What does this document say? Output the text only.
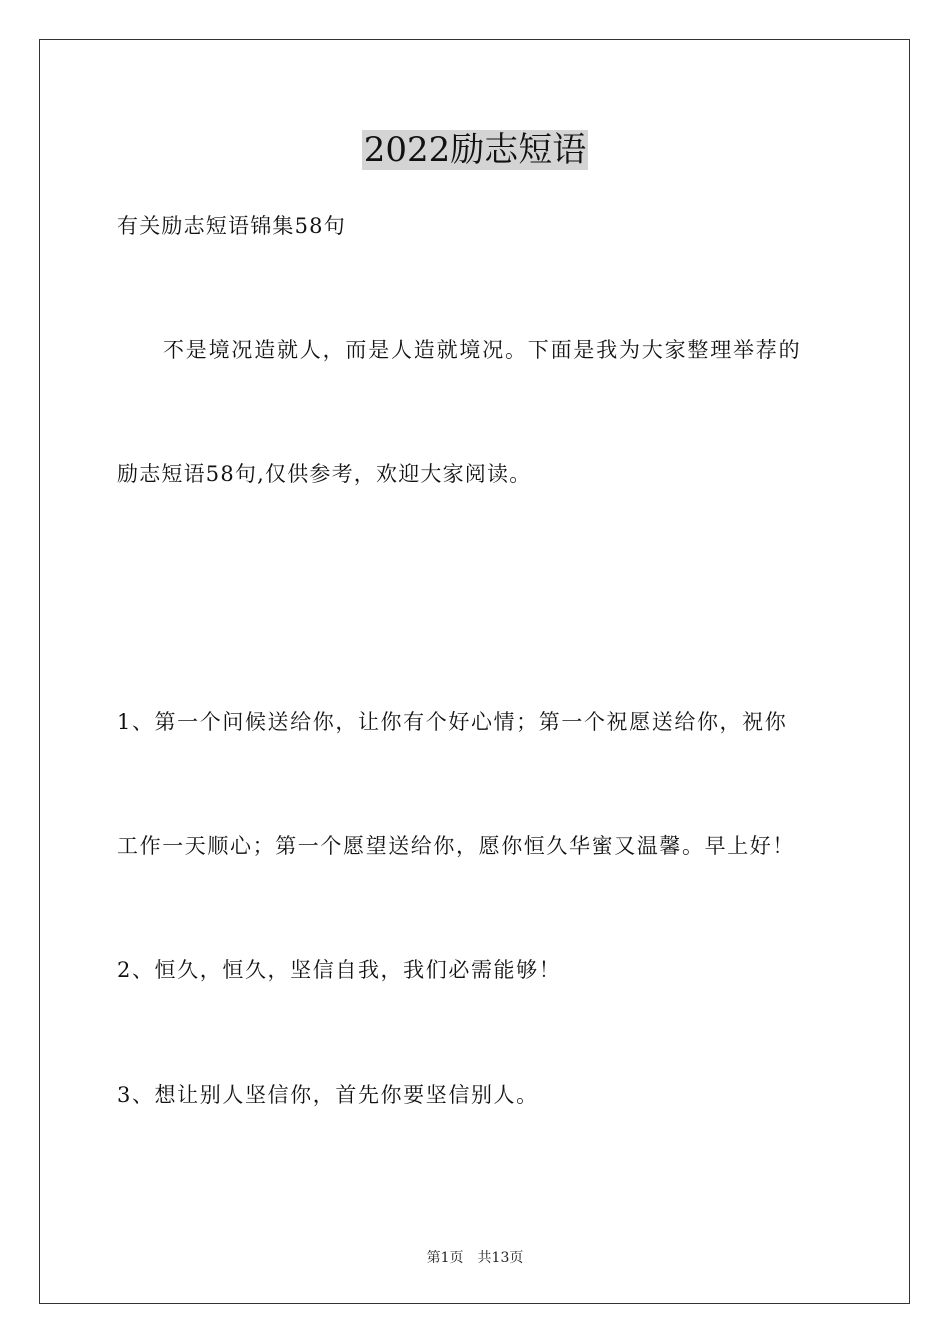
2022励志短语
有关励志短语锦集58句
不是境况造就人，而是人造就境况。下面是我为大家整理举荐的
励志短语58句,仅供参考，欢迎大家阅读。
1、第一个问候送给你，让你有个好心情；第一个祝愿送给你，祝你
工作一天顺心；第一个愿望送给你，愿你恒久华蜜又温馨。早上好！
2、恒久，恒久，坚信自我，我们必需能够！
3、想让别人坚信你，首先你要坚信别人。
第1页 共13页
